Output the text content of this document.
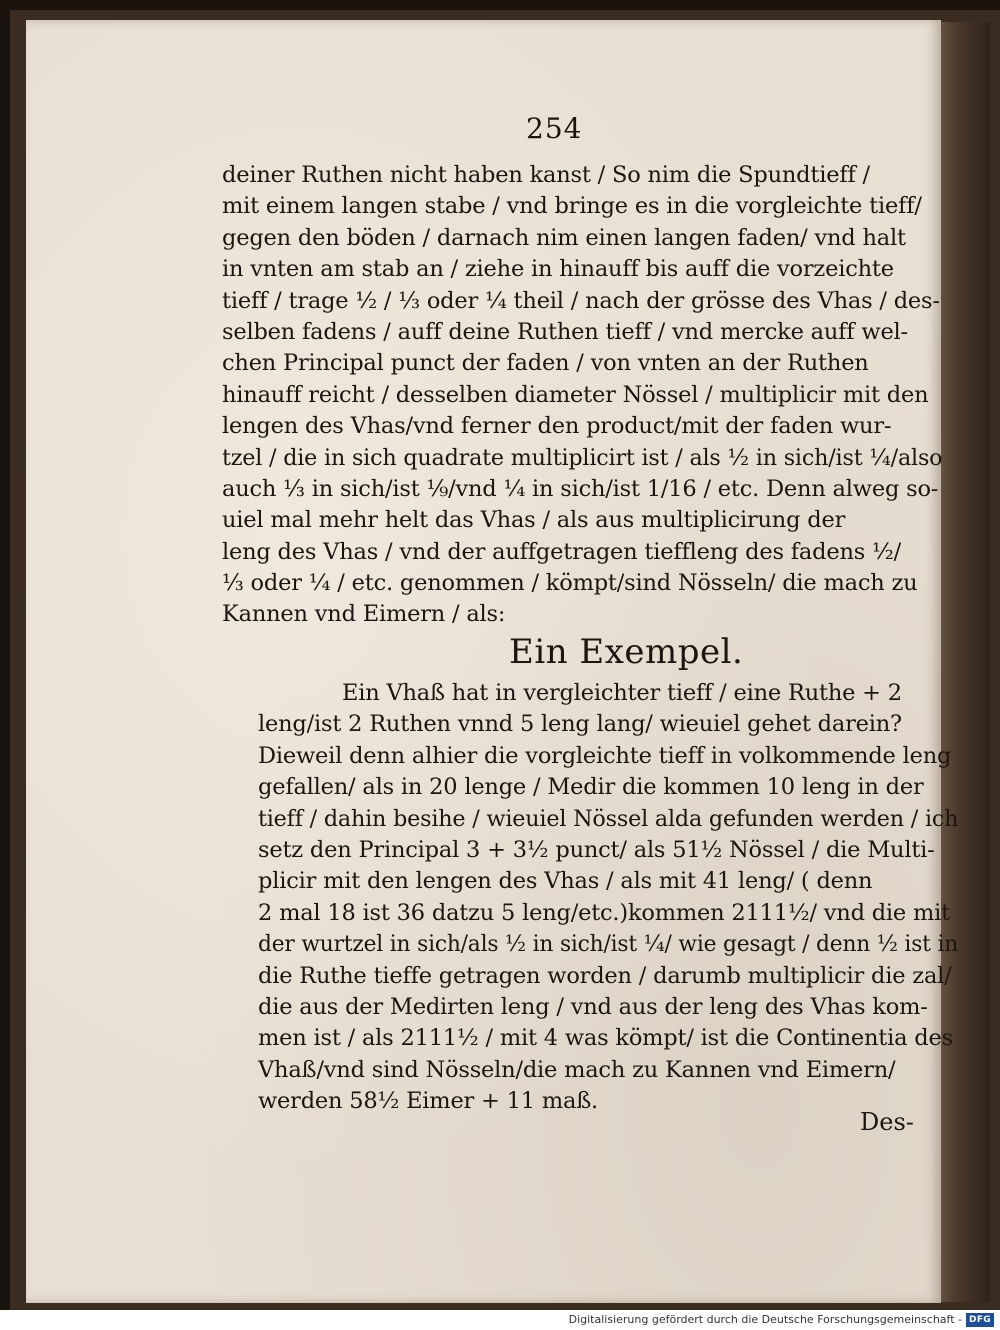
254
deiner Ruthen nicht haben kanst / So nim die Spundtieff /
mit einem langen stabe / vnd bringe es in die vorgleichte tieff/
gegen den böden / darnach nim einen langen faden/ vnd halt
in vnten am stab an / ziehe in hinauff bis auff die vorzeichte
tieff / trage ½ / ⅓ oder ¼ theil / nach der grösse des Vhas / des-
selben fadens / auff deine Ruthen tieff / vnd mercke auff wel-
chen Principal punct der faden / von vnten an der Ruthen
hinauff reicht / desselben diameter Nössel / multiplicir mit den
lengen des Vhas/vnd ferner den product/mit der faden wur-
tzel / die in sich quadrate multiplicirt ist / als ½ in sich/ist ¼/also
auch ⅓ in sich/ist ⅑/vnd ¼ in sich/ist 1/16 / etc. Denn alweg so-
uiel mal mehr helt das Vhas / als aus multiplicirung der
leng des Vhas / vnd der auffgetragen tieffleng des fadens ½/
⅓ oder ¼ / etc. genommen / kömpt/sind Nösseln/ die mach zu
Kannen vnd Eimern / als:
Ein Exempel.
Ein Vhaß hat in vergleichter tieff / eine Ruthe + 2
leng/ist 2 Ruthen vnnd 5 leng lang/ wieuiel gehet darein?
Dieweil denn alhier die vorgleichte tieff in volkommende leng
gefallen/ als in 20 lenge / Medir die kommen 10 leng in der
tieff / dahin besihe / wieuiel Nössel alda gefunden werden / ich
setz den Principal 3 + 3½ punct/ als 51½ Nössel / die Multi-
plicir mit den lengen des Vhas / als mit 41 leng/ ( denn
2 mal 18 ist 36 datzu 5 leng/etc.)kommen 2111½/ vnd die mit
der wurtzel in sich/als ½ in sich/ist ¼/ wie gesagt / denn ½ ist in
die Ruthe tieffe getragen worden / darumb multiplicir die zal/
die aus der Medirten leng / vnd aus der leng des Vhas kom-
men ist / als 2111½ / mit 4 was kömpt/ ist die Continentia des
Vhaß/vnd sind Nösseln/die mach zu Kannen vnd Eimern/
werden 58½ Eimer + 11 maß.
Des-
Digitalisierung gefördert durch die Deutsche Forschungsgemeinschaft - DFG
